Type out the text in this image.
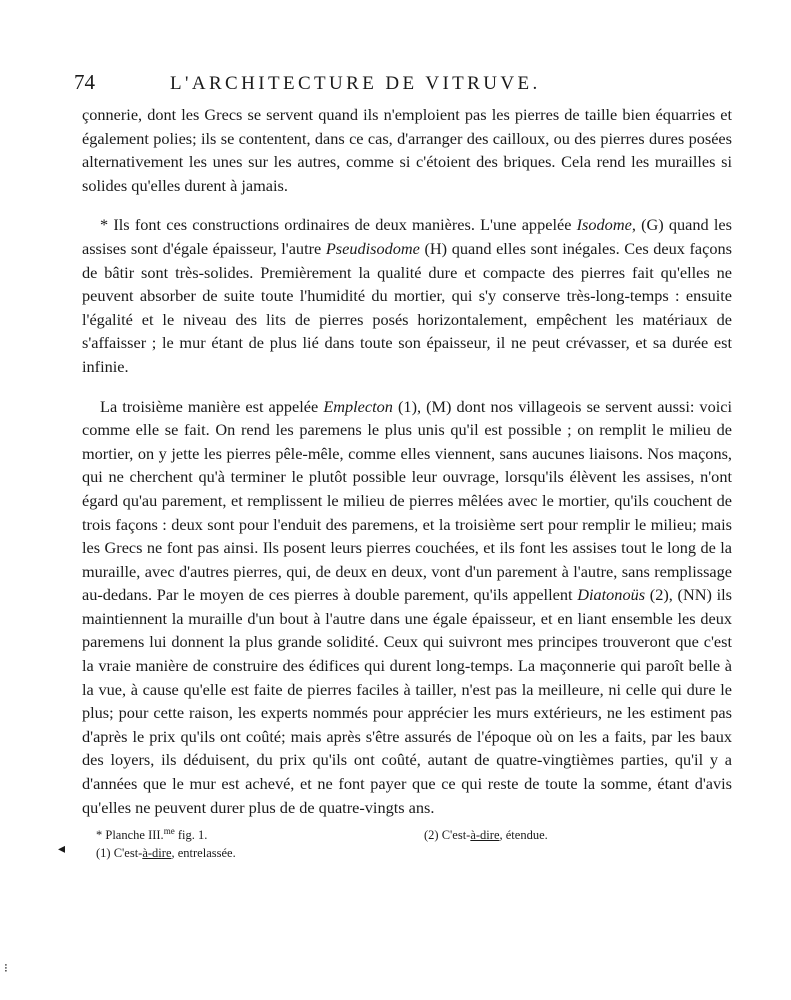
74	L'ARCHITECTURE DE VITRUVE.

çonnerie, dont les Grecs se servent quand ils n'emploient pas les pierres de taille bien équarries et également polies; ils se contentent, dans ce cas, d'arranger des cailloux, ou des pierres dures posées alternativement les unes sur les autres, comme si c'étoient des briques. Cela rend les murailles si solides qu'elles durent à jamais.

* Ils font ces constructions ordinaires de deux manières. L'une appelée Isodome, (G) quand les assises sont d'égale épaisseur, l'autre Pseudisodome (H) quand elles sont inégales. Ces deux façons de bâtir sont très-solides. Premièrement la qualité dure et compacte des pierres fait qu'elles ne peuvent absorber de suite toute l'humidité du mortier, qui s'y conserve très-long-temps : ensuite l'égalité et le niveau des lits de pierres posés horizontalement, empêchent les matériaux de s'affaisser ; le mur étant de plus lié dans toute son épaisseur, il ne peut crévasser, et sa durée est infinie.

La troisième manière est appelée Emplecton (1), (M) dont nos villageois se servent aussi: voici comme elle se fait. On rend les paremens le plus unis qu'il est possible ; on remplit le milieu de mortier, on y jette les pierres pêle-mêle, comme elles viennent, sans aucunes liaisons. Nos maçons, qui ne cherchent qu'à terminer le plutôt possible leur ouvrage, lorsqu'ils élèvent les assises, n'ont égard qu'au parement, et remplissent le milieu de pierres mêlées avec le mortier, qu'ils couchent de trois façons : deux sont pour l'enduit des paremens, et la troisième sert pour remplir le milieu; mais les Grecs ne font pas ainsi. Ils posent leurs pierres couchées, et ils font les assises tout le long de la muraille, avec d'autres pierres, qui, de deux en deux, vont d'un parement à l'autre, sans remplissage au-dedans. Par le moyen de ces pierres à double parement, qu'ils appellent Diatonoüs (2), (NN) ils maintiennent la muraille d'un bout à l'autre dans une égale épaisseur, et en liant ensemble les deux paremens lui donnent la plus grande solidité. Ceux qui suivront mes principes trouveront que c'est la vraie manière de construire des édifices qui durent long-temps. La maçonnerie qui paroît belle à la vue, à cause qu'elle est faite de pierres faciles à tailler, n'est pas la meilleure, ni celle qui dure le plus; pour cette raison, les experts nommés pour apprécier les murs extérieurs, ne les estiment pas d'après le prix qu'ils ont coûté; mais après s'être assurés de l'époque où on les a faits, par les baux des loyers, ils déduisent, du prix qu'ils ont coûté, autant de quatre-vingtièmes parties, qu'il y a d'années que le mur est achevé, et ne font payer que ce qui reste de toute la somme, étant d'avis qu'elles ne peuvent durer plus de de quatre-vingts ans.

* Planche III.$^{me}$ fig. 1.
(1) C'est-à-dire, entrelassée.
(2) C'est-à-dire, étendue.
◂
⁝
